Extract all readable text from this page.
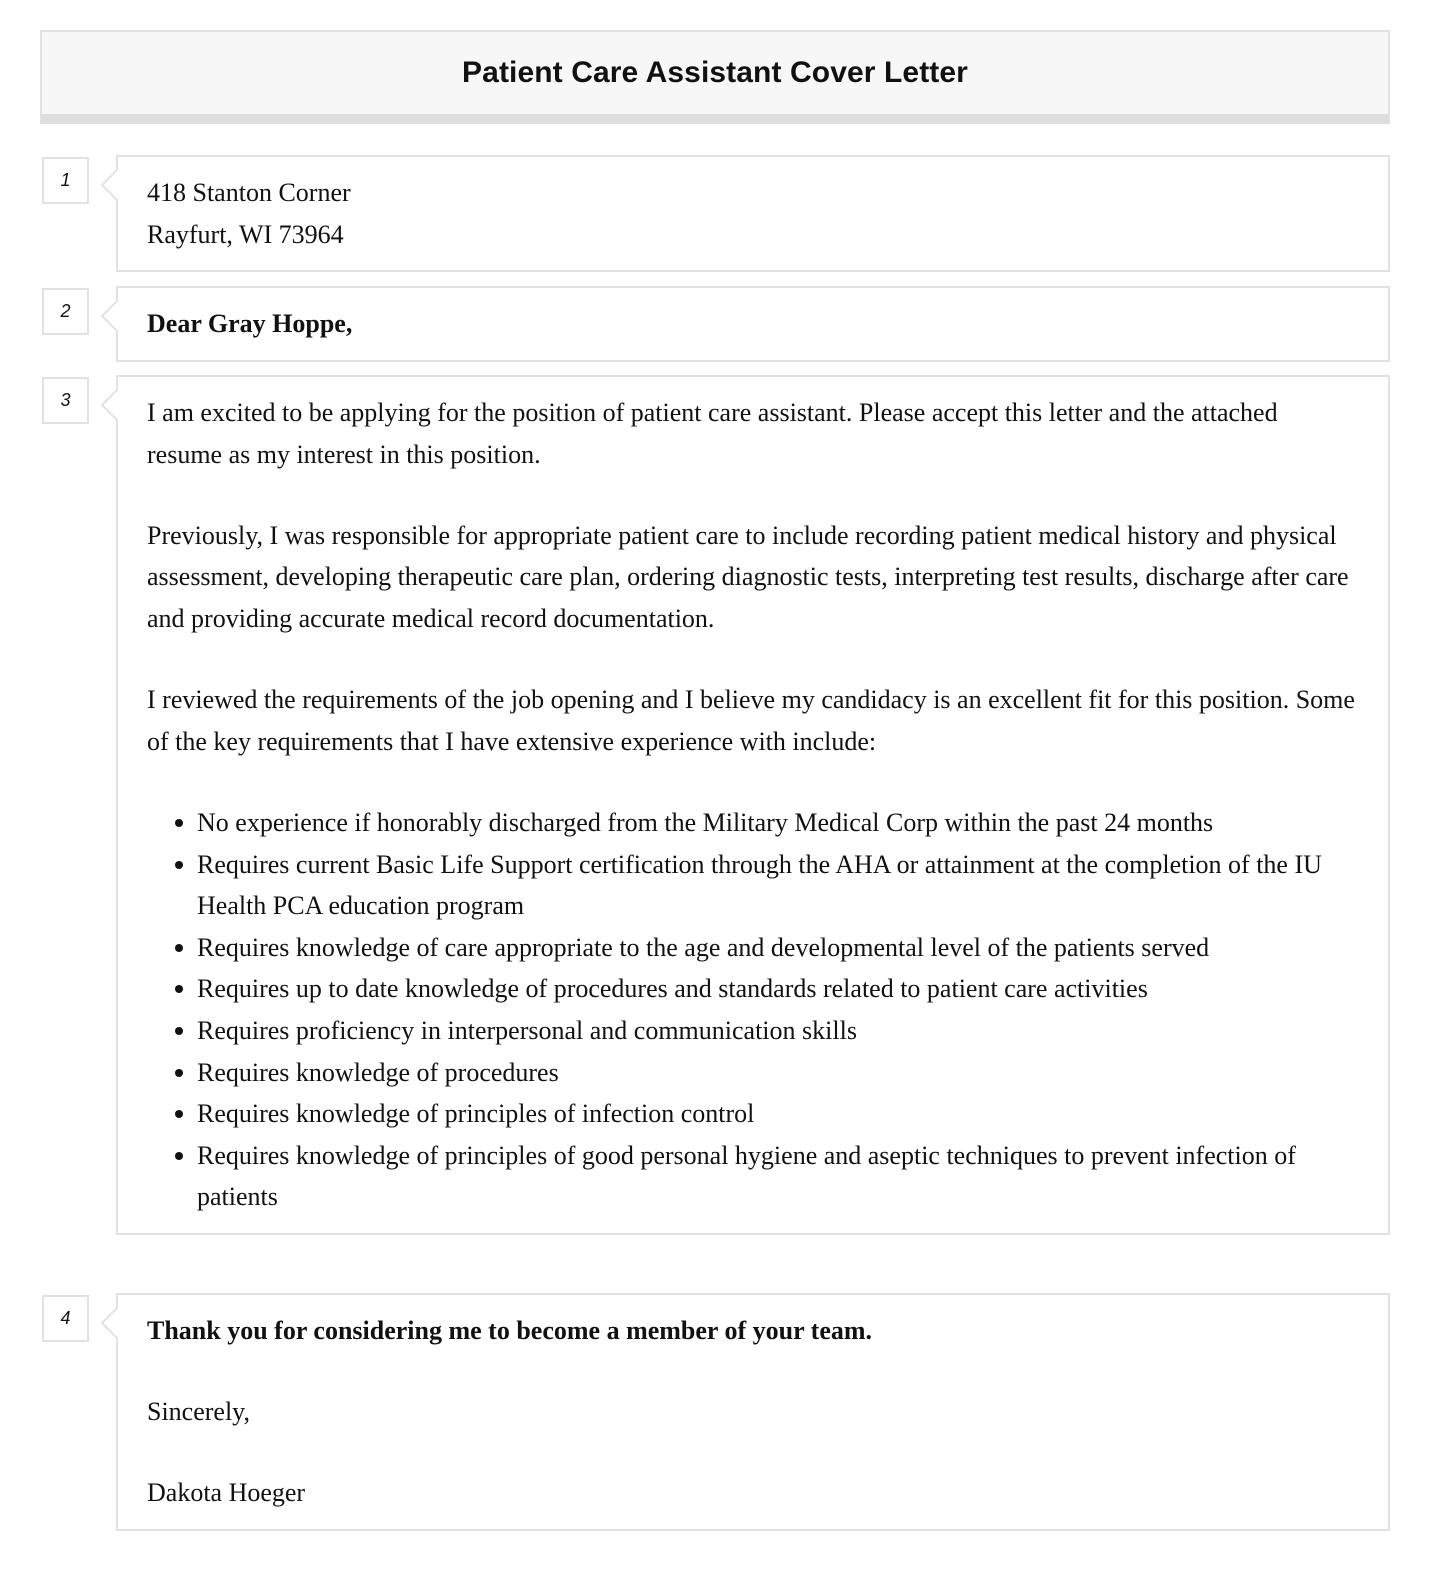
Patient Care Assistant Cover Letter
1	418 Stanton Corner

Rayfurt, WI 73964

2	Dear Gray Hoppe,

3	I am excited to be applying for the position of patient care assistant. Please accept this letter and the attached resume as my interest in this position.

Previously, I was responsible for appropriate patient care to include recording patient medical history and physical assessment, developing therapeutic care plan, ordering diagnostic tests, interpreting test results, discharge after care and providing accurate medical record documentation.

I reviewed the requirements of the job opening and I believe my candidacy is an excellent fit for this position. Some of the key requirements that I have extensive experience with include:

No experience if honorably discharged from the Military Medical Corp within the past 24 months
Requires current Basic Life Support certification through the AHA or attainment at the completion of the IU Health PCA education program
Requires knowledge of care appropriate to the age and developmental level of the patients served
Requires up to date knowledge of procedures and standards related to patient care activities
Requires proficiency in interpersonal and communication skills
Requires knowledge of procedures
Requires knowledge of principles of infection control
Requires knowledge of principles of good personal hygiene and aseptic techniques to prevent infection of patients
4	Thank you for considering me to become a member of your team.

Sincerely,

Dakota Hoeger
